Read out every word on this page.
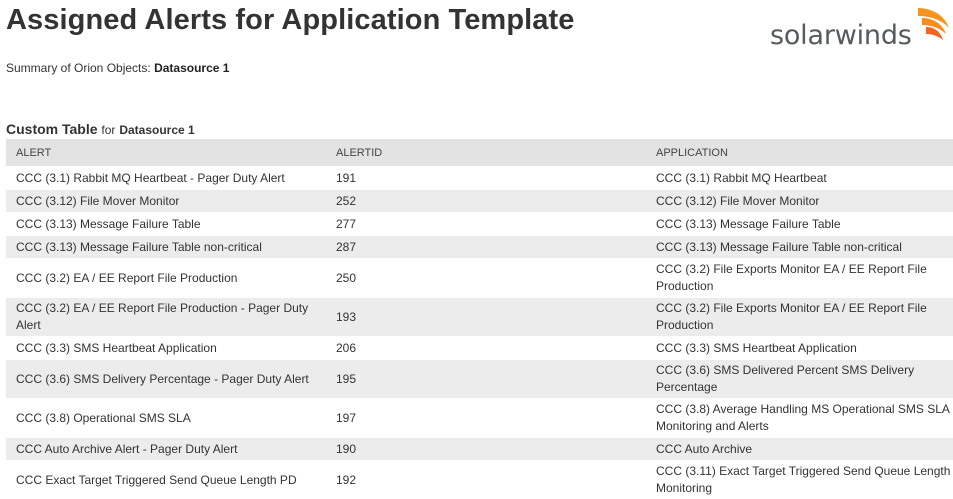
Assigned Alerts for Application Template
Summary of Orion Objects: Datasource 1
solarwinds
Custom Table for Datasource 1
ALERT	ALERTID	APPLICATION
CCC (3.1) Rabbit MQ Heartbeat - Pager Duty Alert	191	CCC (3.1) Rabbit MQ Heartbeat
CCC (3.12) File Mover Monitor	252	CCC (3.12) File Mover Monitor
CCC (3.13) Message Failure Table	277	CCC (3.13) Message Failure Table
CCC (3.13) Message Failure Table non-critical	287	CCC (3.13) Message Failure Table non-critical
CCC (3.2) EA / EE Report File Production	250	CCC (3.2) File Exports Monitor EA / EE Report File Production
CCC (3.2) EA / EE Report File Production - Pager Duty Alert	193	CCC (3.2) File Exports Monitor EA / EE Report File Production
CCC (3.3) SMS Heartbeat Application	206	CCC (3.3) SMS Heartbeat Application
CCC (3.6) SMS Delivery Percentage - Pager Duty Alert	195	CCC (3.6) SMS Delivered Percent SMS Delivery Percentage
CCC (3.8) Operational SMS SLA	197	CCC (3.8) Average Handling MS Operational SMS SLA Monitoring and Alerts
CCC Auto Archive Alert - Pager Duty Alert	190	CCC Auto Archive
CCC Exact Target Triggered Send Queue Length PD	192	CCC (3.11) Exact Target Triggered Send Queue Length Monitoring
